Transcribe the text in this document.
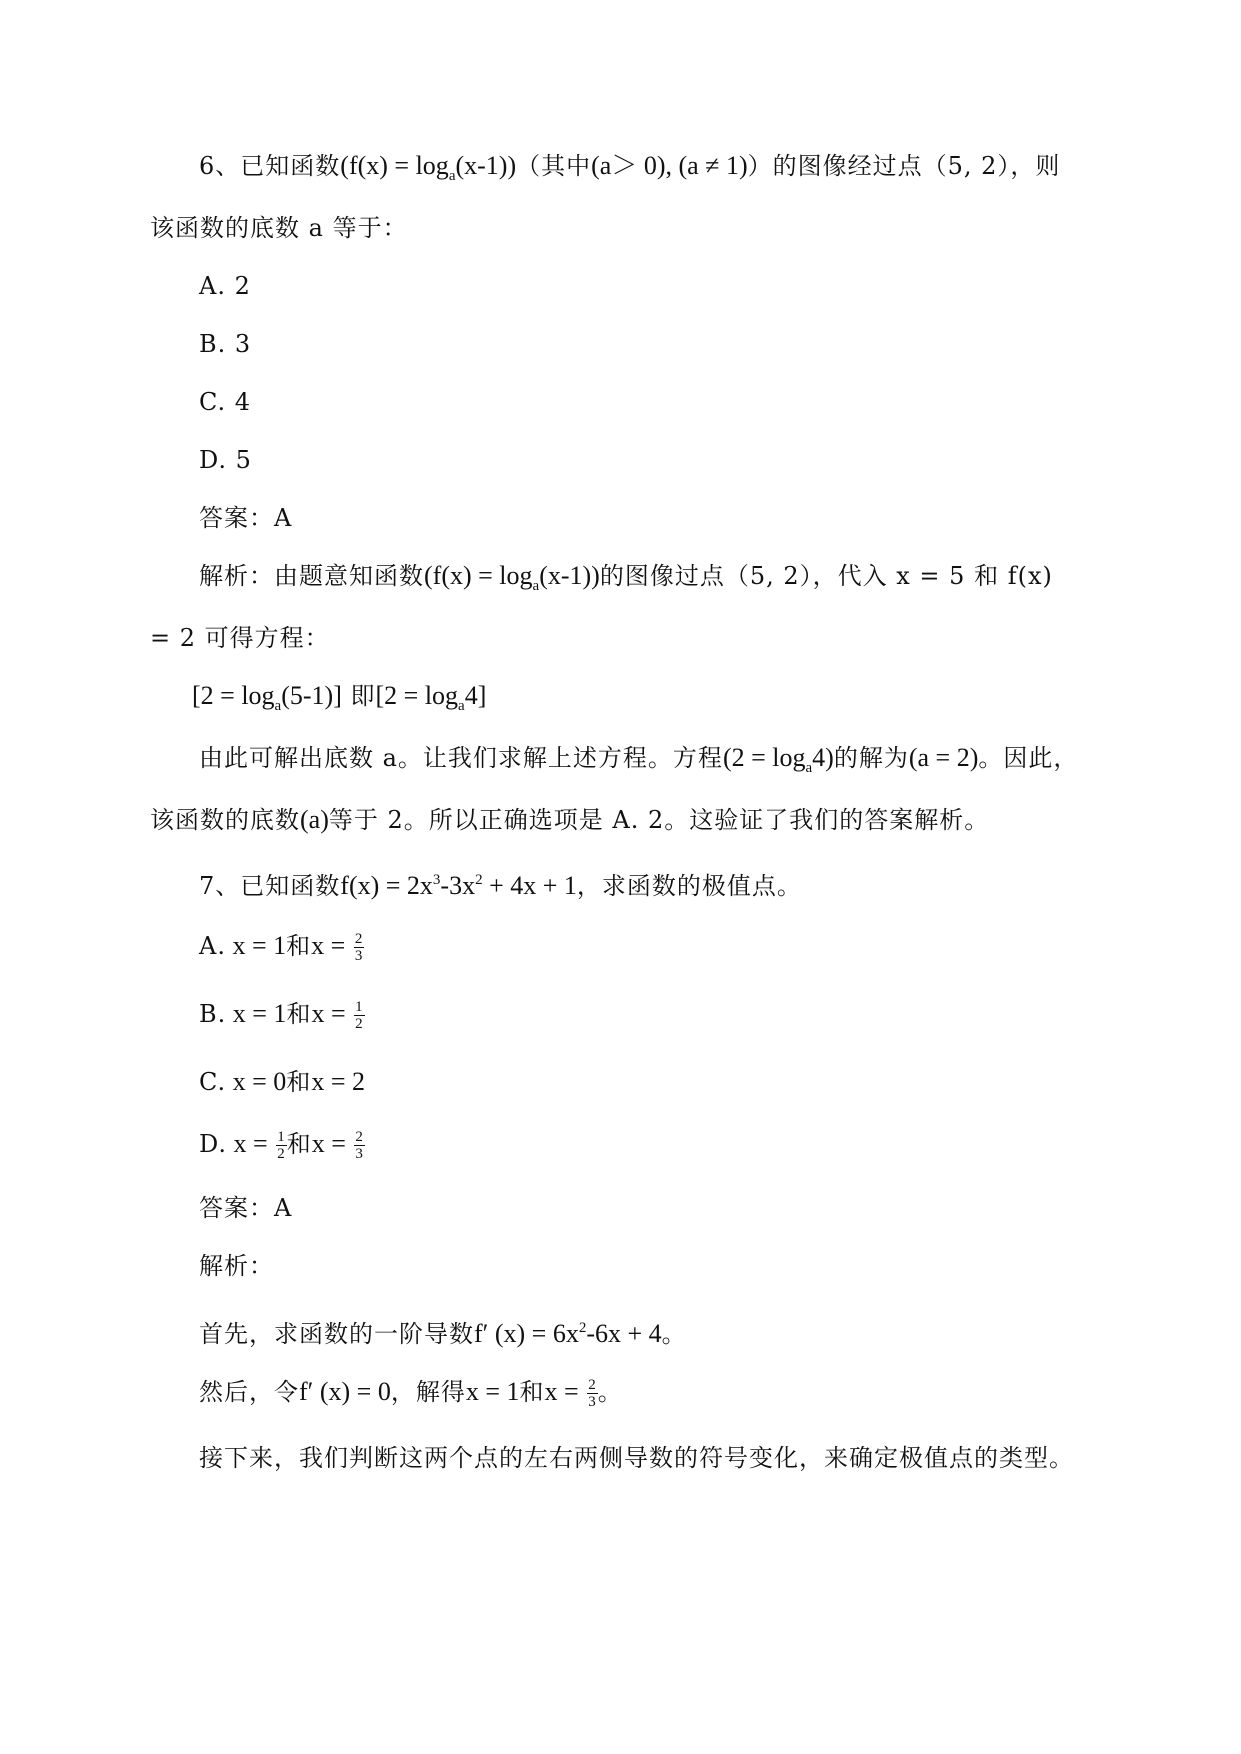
6、已知函数$(f(x) = \log_a(x-1))$（其中(a＞ 0), (a ≠ 1)）的图像经过点（5, 2），则
该函数的底数 a 等于：
A. 2
B. 3
C. 4
D. 5
答案：A
解析：由题意知函数$(f(x) = \log_a(x-1))$的图像过点（5, 2），代入 x = 5 和 f(x)
= 2 可得方程：
$[2 = \log_a(5-1)]$ 即$[2 = \log_a4]$
由此可解出底数 a。让我们求解上述方程。方程$(2 = \log_a4)$的解为(a = 2)。因此，
该函数的底数(a)等于 2。所以正确选项是 A. 2。这验证了我们的答案解析。
7、已知函数$f(x) = 2x^3-3x^2 + 4x + 1$，求函数的极值点。
A. x = 1和$x = \frac{2}{3}$
B. x = 1和$x = \frac{1}{2}$
C. x = 0和x = 2
D. $x = \frac{1}{2}$ 和$x = \frac{2}{3}$
答案：A
解析：
首先，求函数的一阶导数f′ $(x) = 6x^2-6x + 4$。
然后，令f′ (x) = 0，解得x = 1和$x = \frac{2}{3}$ 。
接下来，我们判断这两个点的左右两侧导数的符号变化，来确定极值点的类型。
